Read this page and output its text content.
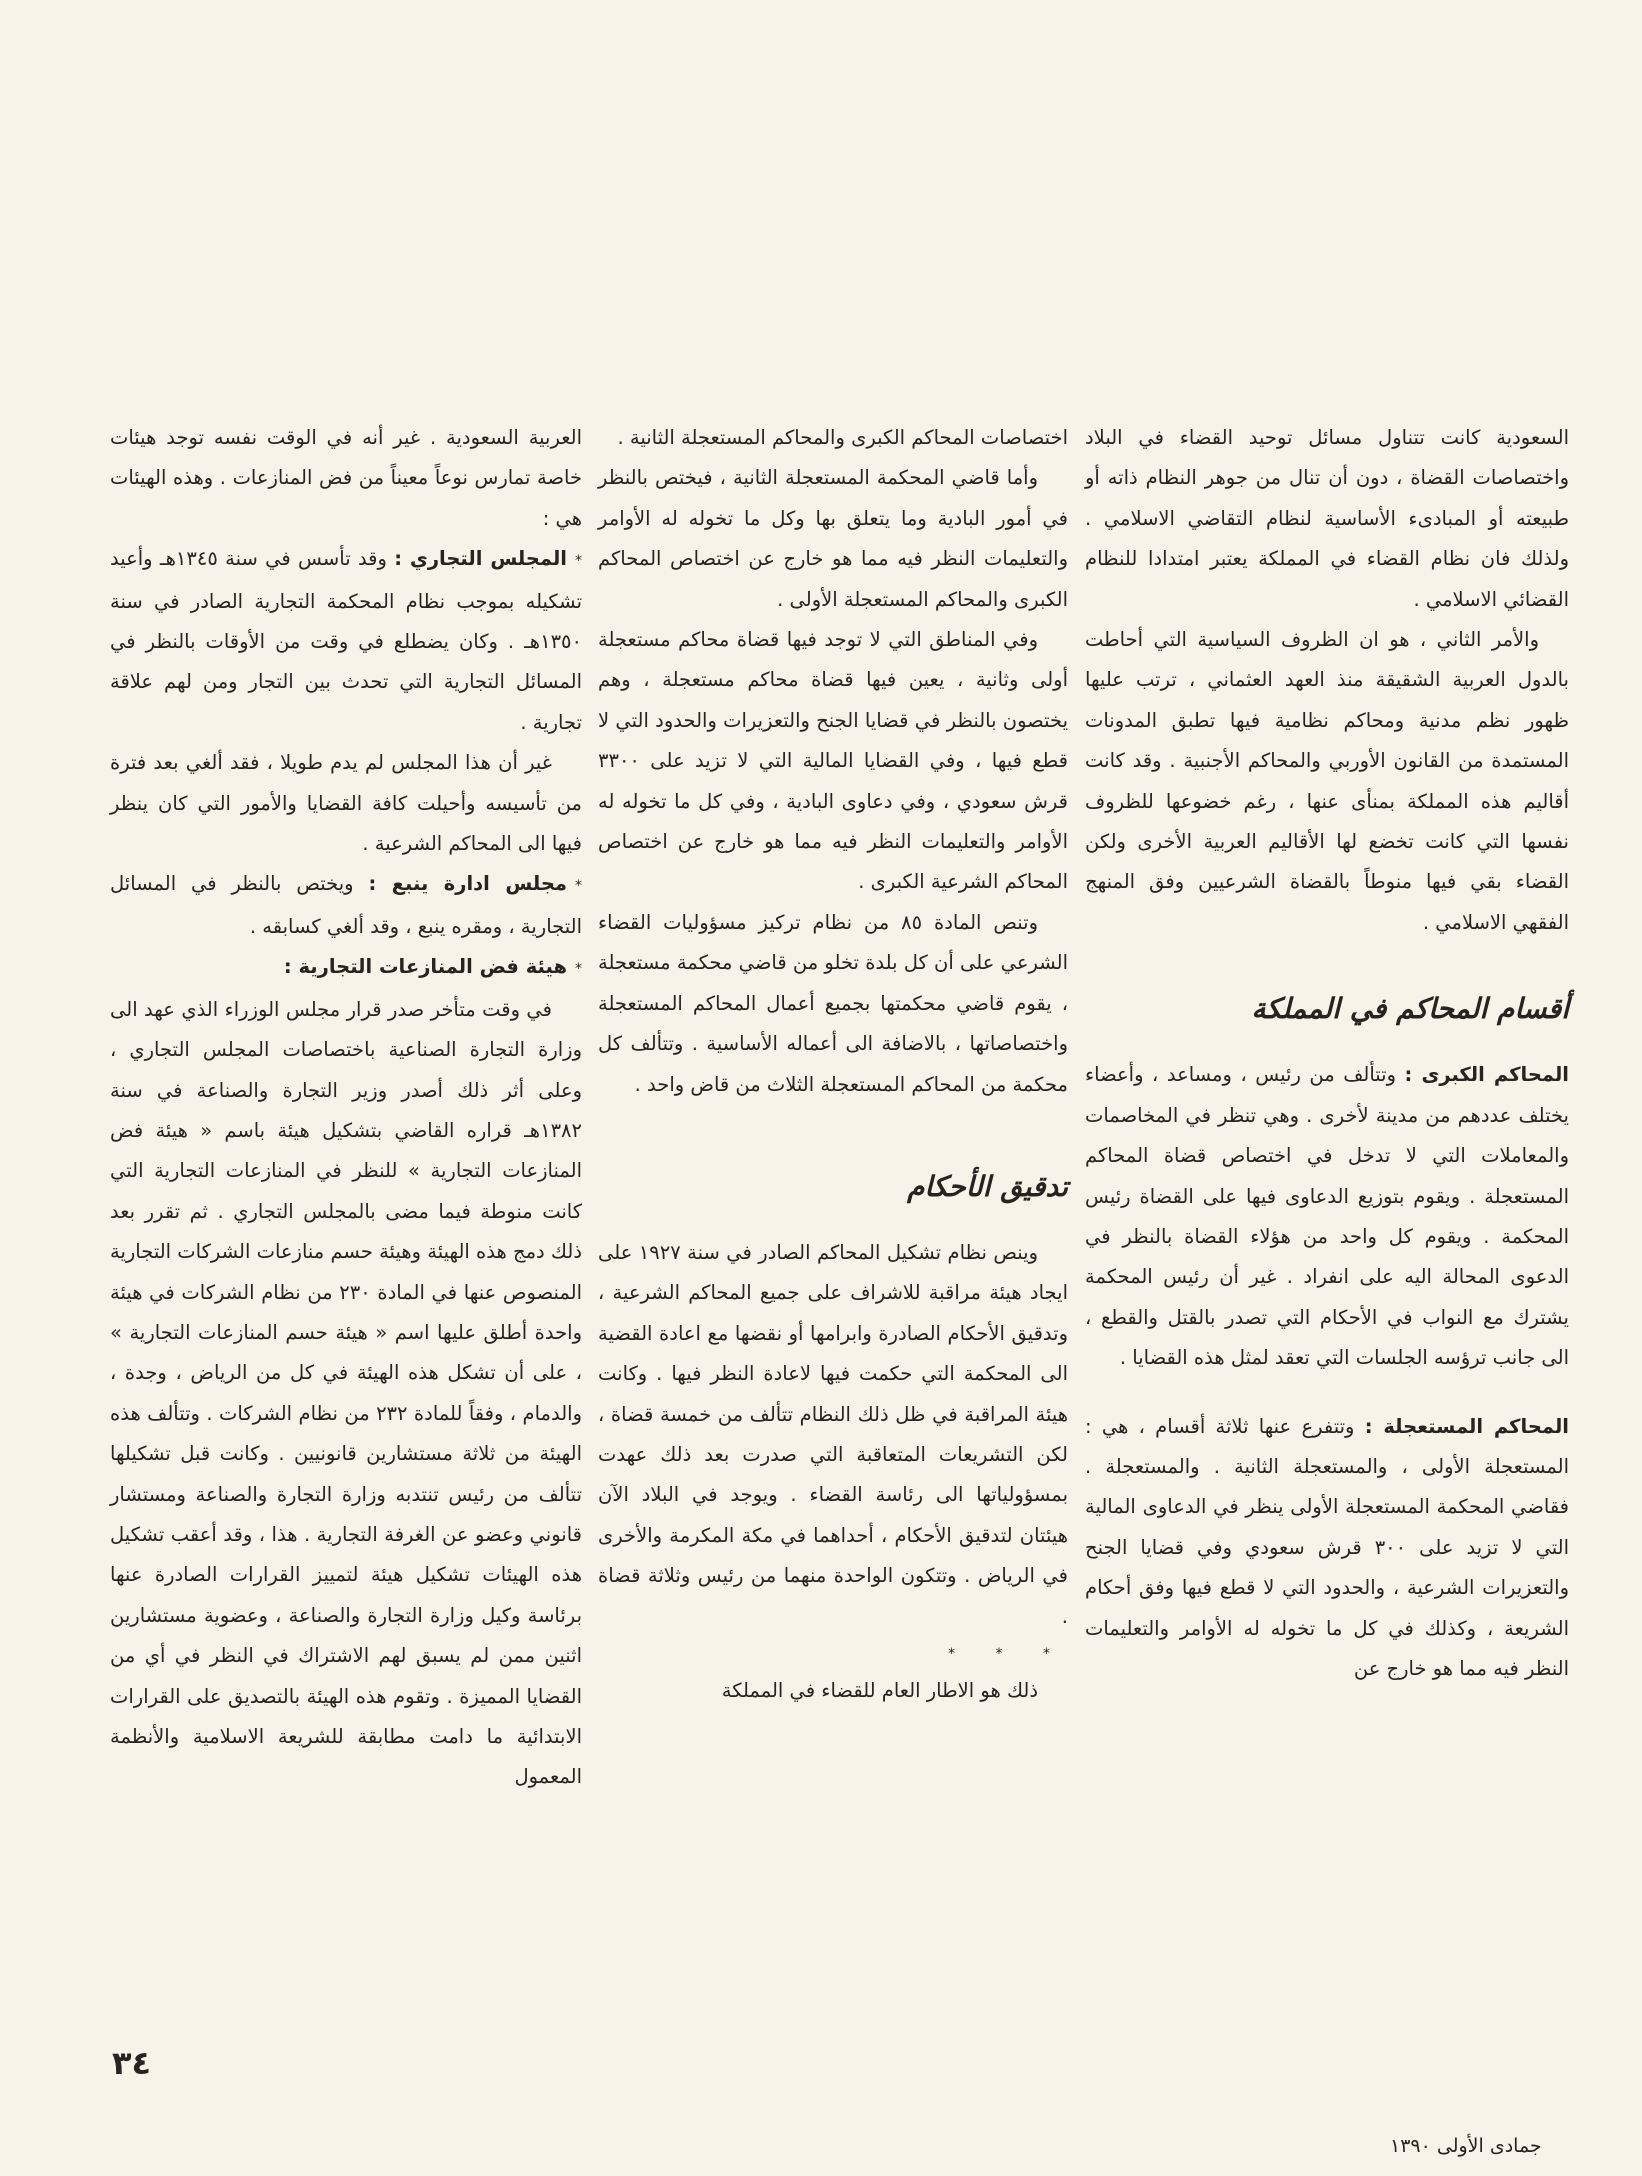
السعودية كانت تتناول مسائل توحيد القضاء في البلاد واختصاصات القضاة ، دون أن تنال من جوهر النظام ذاته أو طبيعته أو المبادىء الأساسية لنظام التقاضي الاسلامي . ولذلك فان نظام القضاء في المملكة يعتبر امتدادا للنظام القضائي الاسلامي .

والأمر الثاني ، هو ان الظروف السياسية التي أحاطت بالدول العربية الشقيقة منذ العهد العثماني ، ترتب عليها ظهور نظم مدنية ومحاكم نظامية فيها تطبق المدونات المستمدة من القانون الأوربي والمحاكم الأجنبية . وقد كانت أقاليم هذه المملكة بمنأى عنها ، رغم خضوعها للظروف نفسها التي كانت تخضع لها الأقاليم العربية الأخرى ولكن القضاء بقي فيها منوطاً بالقضاة الشرعيين وفق المنهج الفقهي الاسلامي .

أقسام المحاكم في المملكة

المحاكم الكبرى : وتتألف من رئيس ، ومساعد ، وأعضاء يختلف عددهم من مدينة لأخرى . وهي تنظر في المخاصمات والمعاملات التي لا تدخل في اختصاص قضاة المحاكم المستعجلة . ويقوم بتوزيع الدعاوى فيها على القضاة رئيس المحكمة . ويقوم كل واحد من هؤلاء القضاة بالنظر في الدعوى المحالة اليه على انفراد . غير أن رئيس المحكمة يشترك مع النواب في الأحكام التي تصدر بالقتل والقطع ، الى جانب ترؤسه الجلسات التي تعقد لمثل هذه القضايا .

المحاكم المستعجلة : وتتفرع عنها ثلاثة أقسام ، هي : المستعجلة الأولى ، والمستعجلة الثانية . والمستعجلة . فقاضي المحكمة المستعجلة الأولى ينظر في الدعاوى المالية التي لا تزيد على ٣٠٠ قرش سعودي وفي قضايا الجنح والتعزيرات الشرعية ، والحدود التي لا قطع فيها وفق أحكام الشريعة ، وكذلك في كل ما تخوله له الأوامر والتعليمات النظر فيه مما هو خارج عن

اختصاصات المحاكم الكبرى والمحاكم المستعجلة الثانية .

وأما قاضي المحكمة المستعجلة الثانية ، فيختص بالنظر في أمور البادية وما يتعلق بها وكل ما تخوله له الأوامر والتعليمات النظر فيه مما هو خارج عن اختصاص المحاكم الكبرى والمحاكم المستعجلة الأولى .

وفي المناطق التي لا توجد فيها قضاة محاكم مستعجلة أولى وثانية ، يعين فيها قضاة محاكم مستعجلة ، وهم يختصون بالنظر في قضايا الجنح والتعزيرات والحدود التي لا قطع فيها ، وفي القضايا المالية التي لا تزيد على ٣٣٠٠ قرش سعودي ، وفي دعاوى البادية ، وفي كل ما تخوله له الأوامر والتعليمات النظر فيه مما هو خارج عن اختصاص المحاكم الشرعية الكبرى .

وتنص المادة ٨٥ من نظام تركيز مسؤوليات القضاء الشرعي على أن كل بلدة تخلو من قاضي محكمة مستعجلة ، يقوم قاضي محكمتها بجميع أعمال المحاكم المستعجلة واختصاصاتها ، بالاضافة الى أعماله الأساسية . وتتألف كل محكمة من المحاكم المستعجلة الثلاث من قاض واحد .

تدقيق الأحكام

وينص نظام تشكيل المحاكم الصادر في سنة ١٩٢٧ على ايجاد هيئة مراقبة للاشراف على جميع المحاكم الشرعية ، وتدقيق الأحكام الصادرة وابرامها أو نقضها مع اعادة القضية الى المحكمة التي حكمت فيها لاعادة النظر فيها . وكانت هيئة المراقبة في ظل ذلك النظام تتألف من خمسة قضاة ، لكن التشريعات المتعاقبة التي صدرت بعد ذلك عهدت بمسؤولياتها الى رئاسة القضاء . ويوجد في البلاد الآن هيئتان لتدقيق الأحكام ، أحداهما في مكة المكرمة والأخرى في الرياض . وتتكون الواحدة منهما من رئيس وثلاثة قضاة .

* * *

ذلك هو الاطار العام للقضاء في المملكة

العربية السعودية . غير أنه في الوقت نفسه توجد هيئات خاصة تمارس نوعاً معيناً من فض المنازعات . وهذه الهيئات هي :

*المجلس التجاري : وقد تأسس في سنة ١٣٤٥هـ وأعيد تشكيله بموجب نظام المحكمة التجارية الصادر في سنة ١٣٥٠هـ . وكان يضطلع في وقت من الأوقات بالنظر في المسائل التجارية التي تحدث بين التجار ومن لهم علاقة تجارية .

غير أن هذا المجلس لم يدم طويلا ، فقد ألغي بعد فترة من تأسيسه وأحيلت كافة القضايا والأمور التي كان ينظر فيها الى المحاكم الشرعية .

*مجلس ادارة ينبع : ويختص بالنظر في المسائل التجارية ، ومقره ينبع ، وقد ألغي كسابقه .

*هيئة فض المنازعات التجارية :

في وقت متأخر صدر قرار مجلس الوزراء الذي عهد الى وزارة التجارة الصناعية باختصاصات المجلس التجاري ، وعلى أثر ذلك أصدر وزير التجارة والصناعة في سنة ١٣٨٢هـ قراره القاضي بتشكيل هيئة باسم « هيئة فض المنازعات التجارية » للنظر في المنازعات التجارية التي كانت منوطة فيما مضى بالمجلس التجاري . ثم تقرر بعد ذلك دمج هذه الهيئة وهيئة حسم منازعات الشركات التجارية المنصوص عنها في المادة ٢٣٠ من نظام الشركات في هيئة واحدة أطلق عليها اسم « هيئة حسم المنازعات التجارية » ، على أن تشكل هذه الهيئة في كل من الرياض ، وجدة ، والدمام ، وفقاً للمادة ٢٣٢ من نظام الشركات . وتتألف هذه الهيئة من ثلاثة مستشارين قانونيين . وكانت قبل تشكيلها تتألف من رئيس تنتدبه وزارة التجارة والصناعة ومستشار قانوني وعضو عن الغرفة التجارية . هذا ، وقد أعقب تشكيل هذه الهيئات تشكيل هيئة لتمييز القرارات الصادرة عنها برئاسة وكيل وزارة التجارة والصناعة ، وعضوية مستشارين اثنين ممن لم يسبق لهم الاشتراك في النظر في أي من القضايا المميزة . وتقوم هذه الهيئة بالتصديق على القرارات الابتدائية ما دامت مطابقة للشريعة الاسلامية والأنظمة المعمول

٣٤
جمادى الأولى ١٣٩٠
